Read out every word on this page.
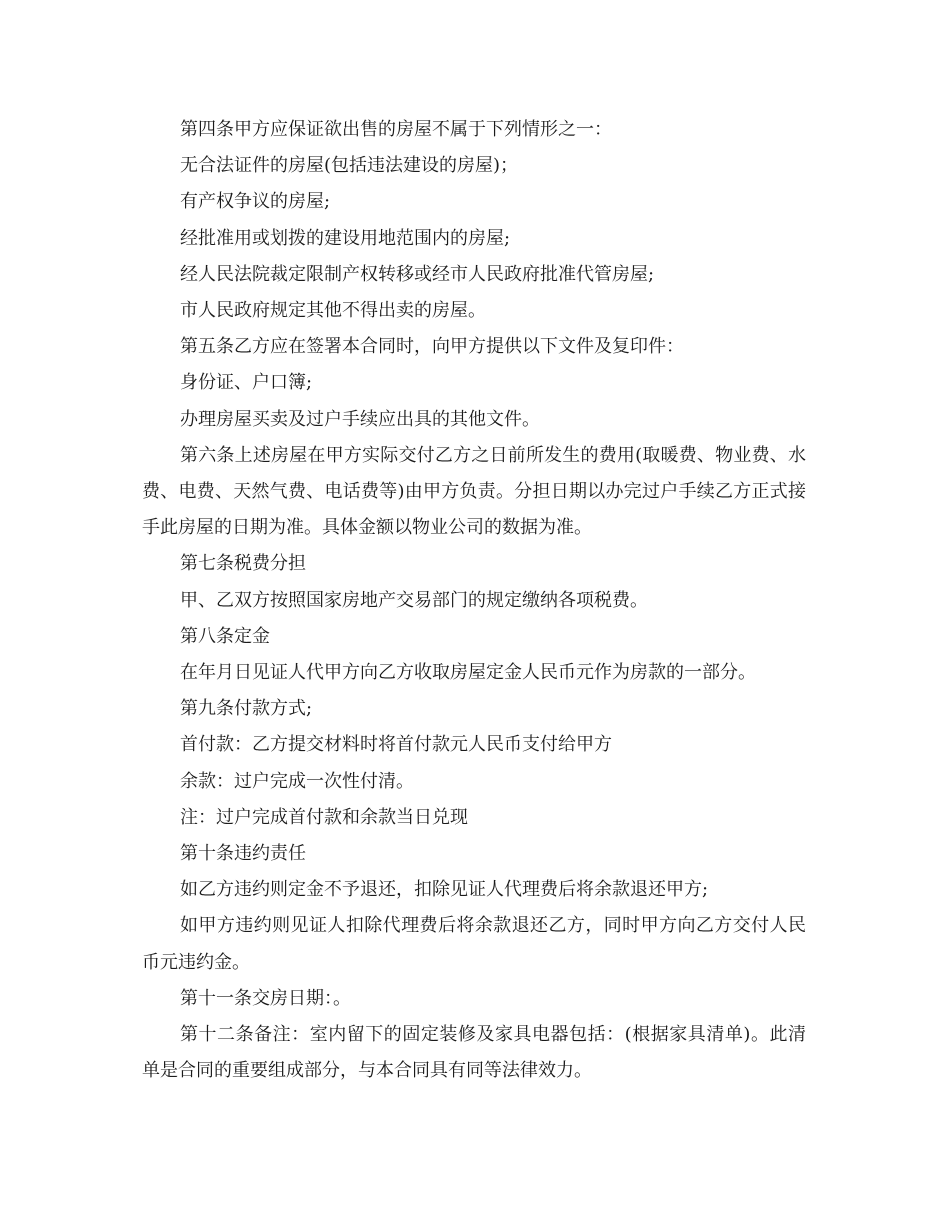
第四条甲方应保证欲出售的房屋不属于下列情形之一：

无合法证件的房屋(包括违法建设的房屋)；

有产权争议的房屋;

经批准用或划拨的建设用地范围内的房屋;

经人民法院裁定限制产权转移或经市人民政府批准代管房屋;

市人民政府规定其他不得出卖的房屋。

第五条乙方应在签署本合同时，向甲方提供以下文件及复印件：

身份证、户口簿;

办理房屋买卖及过户手续应出具的其他文件。

第六条上述房屋在甲方实际交付乙方之日前所发生的费用(取暖费、物业费、水费、电费、天然气费、电话费等)由甲方负责。分担日期以办完过户手续乙方正式接手此房屋的日期为准。具体金额以物业公司的数据为准。

第七条税费分担

甲、乙双方按照国家房地产交易部门的规定缴纳各项税费。

第八条定金

在年月日见证人代甲方向乙方收取房屋定金人民币元作为房款的一部分。

第九条付款方式;

首付款：乙方提交材料时将首付款元人民币支付给甲方

余款：过户完成一次性付清。

注：过户完成首付款和余款当日兑现

第十条违约责任

如乙方违约则定金不予退还，扣除见证人代理费后将余款退还甲方;

如甲方违约则见证人扣除代理费后将余款退还乙方，同时甲方向乙方交付人民币元违约金。

第十一条交房日期：。

第十二条备注：室内留下的固定装修及家具电器包括：(根据家具清单)。此清单是合同的重要组成部分，与本合同具有同等法律效力。
